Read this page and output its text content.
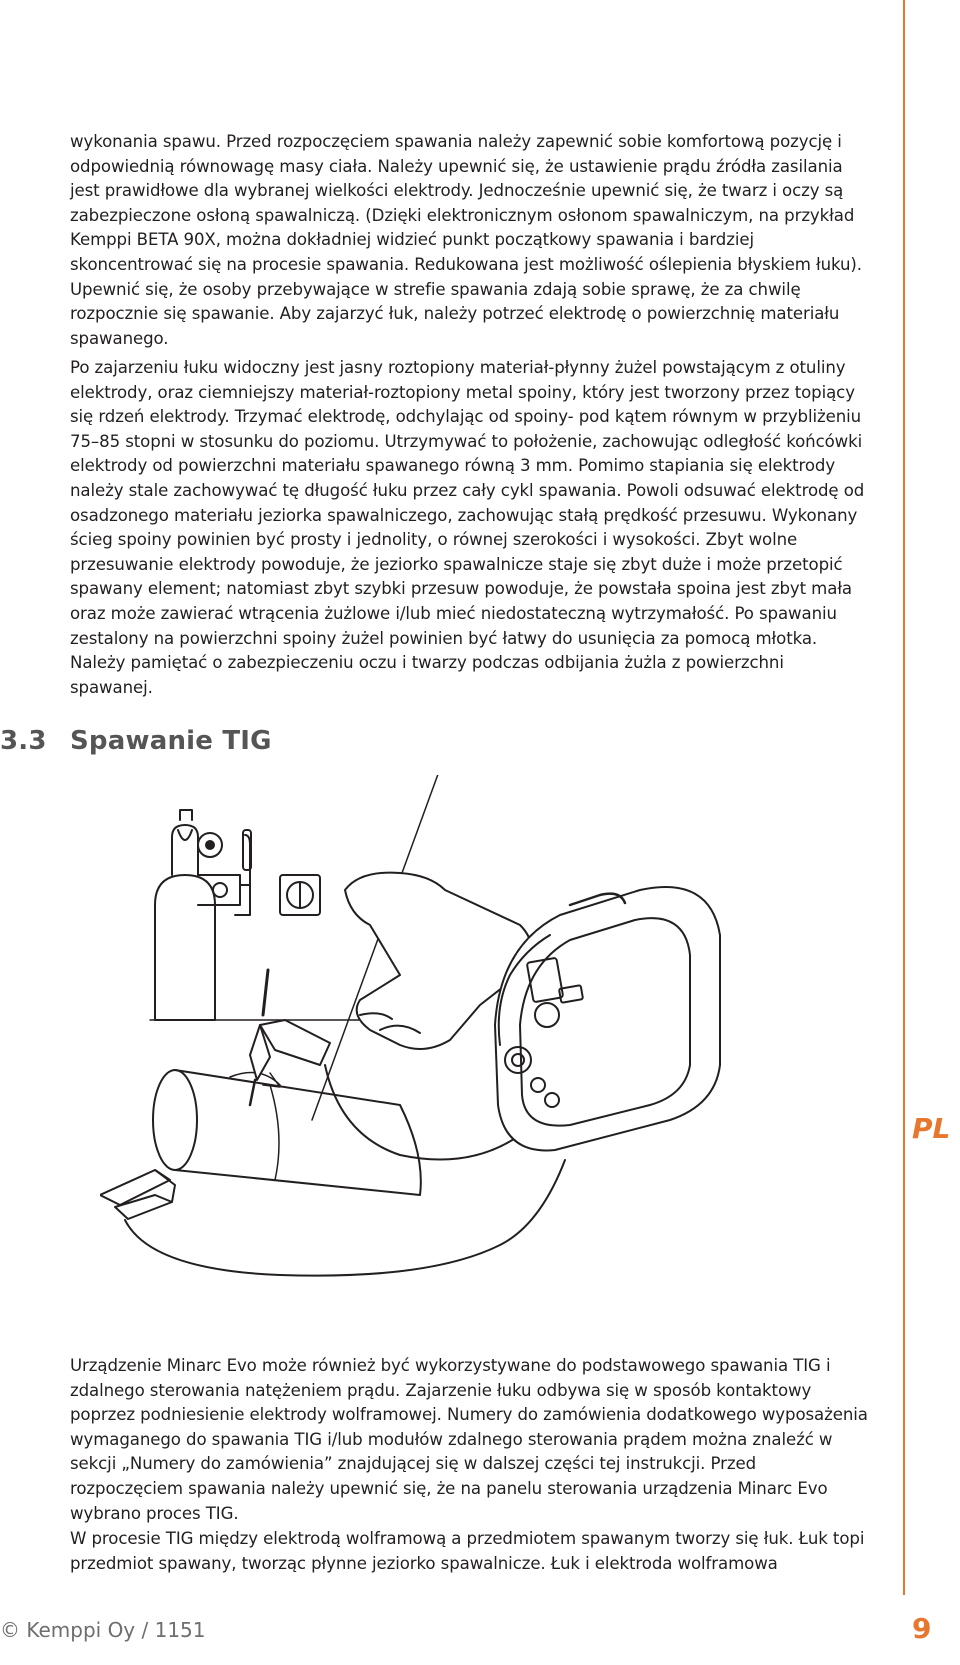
wykonania spawu. Przed rozpoczęciem spawania należy zapewnić sobie komfortową pozycję i odpowiednią równowagę masy ciała. Należy upewnić się, że ustawienie prądu źródła zasilania jest prawidłowe dla wybranej wielkości elektrody. Jednocześnie upewnić się, że twarz i oczy są zabezpieczone osłoną spawalniczą. (Dzięki elektronicznym osłonom spawalniczym, na przykład Kemppi BETA 90X, można dokładniej widzieć punkt początkowy spawania i bardziej skoncentrować się na procesie spawania. Redukowana jest możliwość oślepienia błyskiem łuku). Upewnić się, że osoby przebywające w strefie spawania zdają sobie sprawę, że za chwilę rozpocznie się spawanie. Aby zajarzyć łuk, należy potrzeć elektrodę o powierzchnię materiału spawanego.

Po zajarzeniu łuku widoczny jest jasny roztopiony materiał-płynny żużel powstającym z otuliny elektrody, oraz ciemniejszy materiał-roztopiony metal spoiny, który jest tworzony przez topiący się rdzeń elektrody. Trzymać elektrodę, odchylając od spoiny- pod kątem równym w przybliżeniu 75–85 stopni w stosunku do poziomu. Utrzymywać to położenie, zachowując odległość końcówki elektrody od powierzchni materiału spawanego równą 3 mm. Pomimo stapiania się elektrody należy stale zachowywać tę długość łuku przez cały cykl spawania. Powoli odsuwać elektrodę od osadzonego materiału jeziorka spawalniczego, zachowując stałą prędkość przesuwu. Wykonany ścieg spoiny powinien być prosty i jednolity, o równej szerokości i wysokości. Zbyt wolne przesuwanie elektrody powoduje, że jeziorko spawalnicze staje się zbyt duże i może przetopić spawany element; natomiast zbyt szybki przesuw powoduje, że powstała spoina jest zbyt mała oraz może zawierać wtrącenia żużlowe i/lub mieć niedostateczną wytrzymałość. Po spawaniu zestalony na powierzchni spoiny żużel powinien być łatwy do usunięcia za pomocą młotka. Należy pamiętać o zabezpieczeniu oczu i twarzy podczas odbijania żużla z powierzchni spawanej.

3.3 Spawanie TIG
PL

Urządzenie Minarc Evo może również być wykorzystywane do podstawowego spawania TIG i zdalnego sterowania natężeniem prądu. Zajarzenie łuku odbywa się w sposób kontaktowy poprzez podniesienie elektrody wolframowej. Numery do zamówienia dodatkowego wyposażenia wymaganego do spawania TIG i/lub modułów zdalnego sterowania prądem można znaleźć w sekcji „Numery do zamówienia” znajdującej się w dalszej części tej instrukcji. Przed rozpoczęciem spawania należy upewnić się, że na panelu sterowania urządzenia Minarc Evo wybrano proces TIG.

W procesie TIG między elektrodą wolframową a przedmiotem spawanym tworzy się łuk. Łuk topi przedmiot spawany, tworząc płynne jeziorko spawalnicze. Łuk i elektroda wolframowa

© Kemppi Oy / 1151	9
